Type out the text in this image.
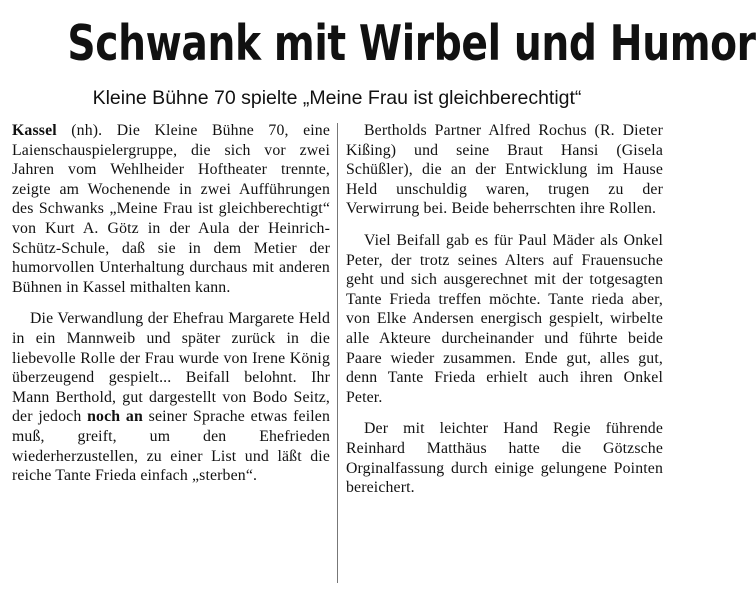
Schwank mit Wirbel und Humor
Kleine Bühne 70 spielte „Meine Frau ist gleichberechtigt“

Kassel (nh). Die Kleine Bühne 70, eine Laienschauspielergruppe, die sich vor zwei Jahren vom Wehlheider Hoftheater trennte, zeigte am Wochenende in zwei Aufführungen des Schwanks „Meine Frau ist gleichberechtigt“ von Kurt A. Götz in der Aula der Heinrich-Schütz-Schule, daß sie in dem Metier der humorvollen Unterhaltung durchaus mit anderen Bühnen in Kassel mithalten kann.

Die Verwandlung der Ehefrau Margarete Held in ein Mannweib und später zurück in die liebevolle Rolle der Frau wurde von Irene König überzeugend gespielt... Beifall belohnt. Ihr Mann Berthold, gut dargestellt von Bodo Seitz, der jedoch noch an seiner Sprache etwas feilen muß, greift, um den Ehefrieden wiederherzustellen, zu einer List und läßt die reiche Tante Frieda einfach „sterben“.

Bertholds Partner Alfred Rochus (R. Dieter Kißing) und seine Braut Hansi (Gisela Schüßler), die an der Entwicklung im Hause Held unschuldig waren, trugen zu der Verwirrung bei. Beide beherrschten ihre Rollen.

Viel Beifall gab es für Paul Mäder als Onkel Peter, der trotz seines Alters auf Frauensuche geht und sich ausgerechnet mit der totgesagten Tante Frieda treffen möchte. Tante rieda aber, von Elke Andersen energisch gespielt, wirbelte alle Akteure durcheinander und führte beide Paare wieder zusammen. Ende gut, alles gut, denn Tante Frieda erhielt auch ihren Onkel Peter.

Der mit leichter Hand Regie führende Reinhard Matthäus hatte die Götzsche Orginalfassung durch einige gelungene Pointen bereichert.
